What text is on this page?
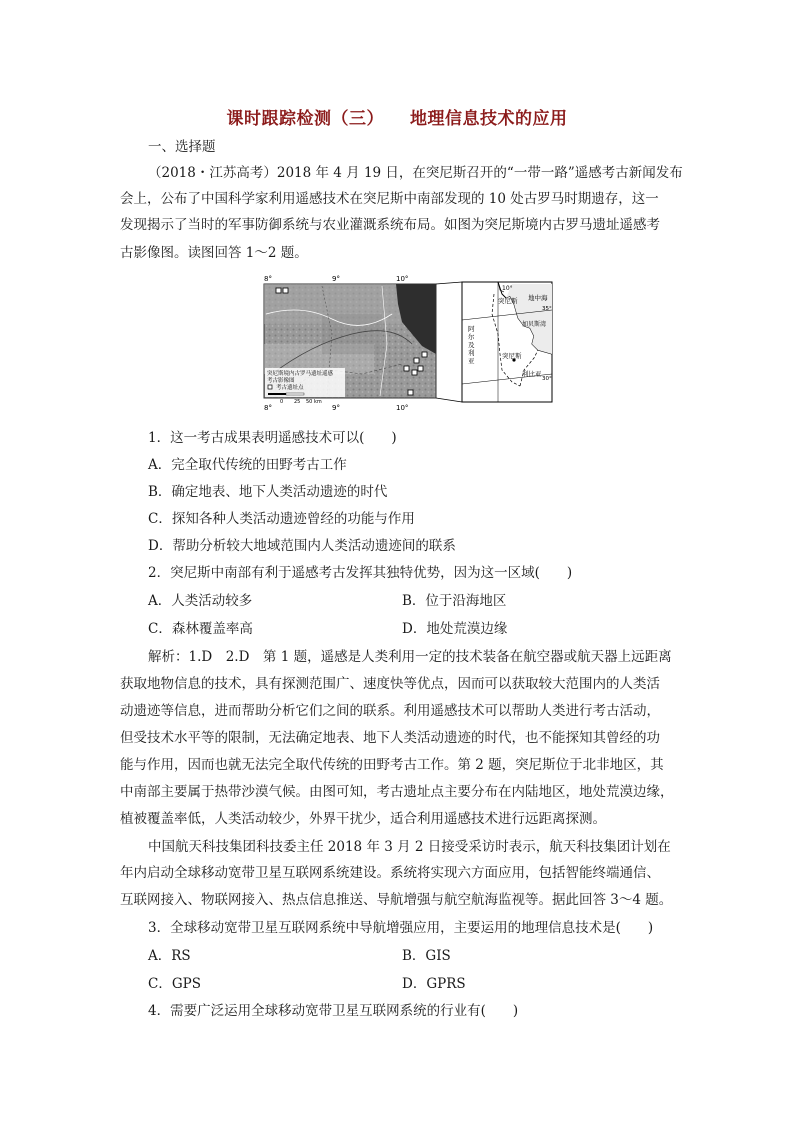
课时跟踪检测（三） 地理信息技术的应用
一、选择题
（2018・江苏高考）2018 年 4 月 19 日，在突尼斯召开的“一带一路”遥感考古新闻发布
会上，公布了中国科学家利用遥感技术在突尼斯中南部发现的 10 处古罗马时期遗存，这一
发现揭示了当时的军事防御系统与农业灌溉系统布局。如图为突尼斯境内古罗马遗址遥感考
古影像图。读图回答 1～2 题。
8°	9°	10°
突尼斯境内古罗马遗址遥感
考古影像图
考古遗址点
0 25 50 km
8°	9°	10°
10°
突尼斯 地中海
35°
加贝斯湾
阿
尔
及
利
亚
突尼斯
利比亚
30°
1．这一考古成果表明遥感技术可以(　　)
A．完全取代传统的田野考古工作
B．确定地表、地下人类活动遗迹的时代
C．探知各种人类活动遗迹曾经的功能与作用
D．帮助分析较大地域范围内人类活动遗迹间的联系
2．突尼斯中南部有利于遥感考古发挥其独特优势，因为这一区域(　　)
A．人类活动较多	B．位于沿海地区
C．森林覆盖率高	D．地处荒漠边缘
解析：1.D　2.D　第 1 题，遥感是人类利用一定的技术装备在航空器或航天器上远距离
获取地物信息的技术，具有探测范围广、速度快等优点，因而可以获取较大范围内的人类活
动遗迹等信息，进而帮助分析它们之间的联系。利用遥感技术可以帮助人类进行考古活动，
但受技术水平等的限制，无法确定地表、地下人类活动遗迹的时代，也不能探知其曾经的功
能与作用，因而也就无法完全取代传统的田野考古工作。第 2 题，突尼斯位于北非地区，其
中南部主要属于热带沙漠气候。由图可知，考古遗址点主要分布在内陆地区，地处荒漠边缘，
植被覆盖率低，人类活动较少，外界干扰少，适合利用遥感技术进行远距离探测。
中国航天科技集团科技委主任 2018 年 3 月 2 日接受采访时表示，航天科技集团计划在
年内启动全球移动宽带卫星互联网系统建设。系统将实现六方面应用，包括智能终端通信、
互联网接入、物联网接入、热点信息推送、导航增强与航空航海监视等。据此回答 3～4 题。
3．全球移动宽带卫星互联网系统中导航增强应用，主要运用的地理信息技术是(　　)
A．RS	B．GIS
C．GPS	D．GPRS
4．需要广泛运用全球移动宽带卫星互联网系统的行业有(　　)
